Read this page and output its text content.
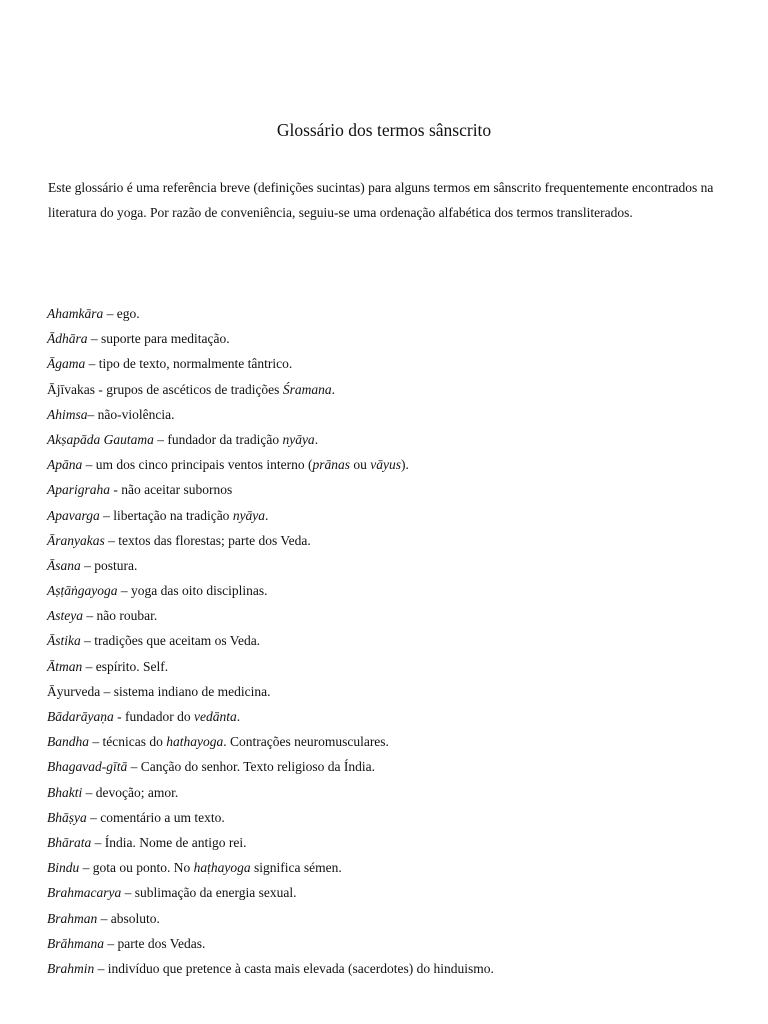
Glossário dos termos sânscrito

Este glossário é uma referência breve (definições sucintas) para alguns termos em sânscrito frequentemente encontrados na literatura do yoga. Por razão de conveniência, seguiu-se uma ordenação alfabética dos termos transliterados.

Ahamkāra – ego.
Ādhāra – suporte para meditação.
Āgama – tipo de texto, normalmente tântrico.
Ājīvakas - grupos de ascéticos de tradições Śramana.
Ahimsa– não-violência.
Akṣapāda Gautama – fundador da tradição nyāya.
Apāna – um dos cinco principais ventos interno (prānas ou vāyus).
Aparigraha - não aceitar subornos
Apavarga – libertação na tradição nyāya.
Āranyakas – textos das florestas; parte dos Veda.
Āsana – postura.
Aṣṭāṅgayoga – yoga das oito disciplinas.
Asteya – não roubar.
Āstika – tradições que aceitam os Veda.
Ātman – espírito. Self.
Āyurveda – sistema indiano de medicina.
Bādarāyaṇa - fundador do vedānta.
Bandha – técnicas do hathayoga. Contrações neuromusculares.
Bhagavad-gītā – Canção do senhor. Texto religioso da Índia.
Bhakti – devoção; amor.
Bhāṣya – comentário a um texto.
Bhārata – Índia. Nome de antigo rei.
Bindu – gota ou ponto. No haṭhayoga significa sémen.
Brahmacarya – sublimação da energia sexual.
Brahman – absoluto.
Brāhmana – parte dos Vedas.
Brahmin – indivíduo que pretence à casta mais elevada (sacerdotes) do hinduismo.
